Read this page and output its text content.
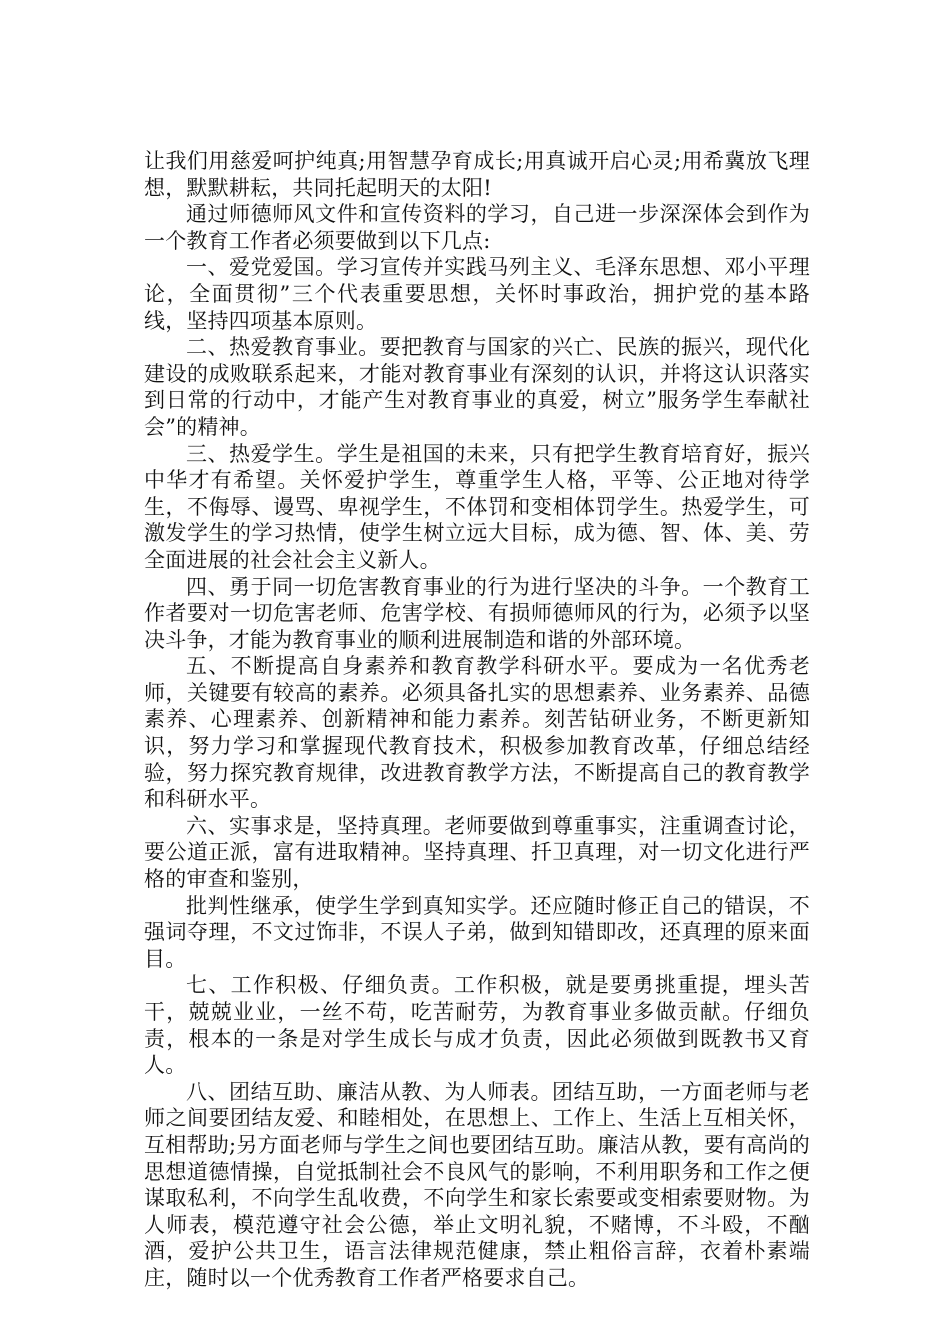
让我们用慈爱呵护纯真;用智慧孕育成长;用真诚开启心灵;用希冀放飞理想，默默耕耘，共同托起明天的太阳!

通过师德师风文件和宣传资料的学习，自己进一步深深体会到作为一个教育工作者必须要做到以下几点:

一、爱党爱国。学习宣传并实践马列主义、毛泽东思想、邓小平理论，全面贯彻”三个代表重要思想，关怀时事政治，拥护党的基本路线，坚持四项基本原则。

二、热爱教育事业。要把教育与国家的兴亡、民族的振兴，现代化建设的成败联系起来，才能对教育事业有深刻的认识，并将这认识落实到日常的行动中，才能产生对教育事业的真爱，树立”服务学生奉献社会”的精神。

三、热爱学生。学生是祖国的未来，只有把学生教育培育好，振兴中华才有希望。关怀爱护学生，尊重学生人格，平等、公正地对待学生，不侮辱、谩骂、卑视学生，不体罚和变相体罚学生。热爱学生，可激发学生的学习热情，使学生树立远大目标，成为德、智、体、美、劳全面进展的社会社会主义新人。

四、勇于同一切危害教育事业的行为进行坚决的斗争。一个教育工作者要对一切危害老师、危害学校、有损师德师风的行为，必须予以坚决斗争，才能为教育事业的顺利进展制造和谐的外部环境。

五、不断提高自身素养和教育教学科研水平。要成为一名优秀老师，关键要有较高的素养。必须具备扎实的思想素养、业务素养、品德素养、心理素养、创新精神和能力素养。刻苦钻研业务，不断更新知识，努力学习和掌握现代教育技术，积极参加教育改革，仔细总结经验，努力探究教育规律，改进教育教学方法，不断提高自己的教育教学和科研水平。

六、实事求是，坚持真理。老师要做到尊重事实，注重调查讨论，要公道正派，富有进取精神。坚持真理、扦卫真理，对一切文化进行严格的审查和鉴别，

批判性继承，使学生学到真知实学。还应随时修正自己的错误，不强词夺理，不文过饰非，不误人子弟，做到知错即改，还真理的原来面目。

七、工作积极、仔细负责。工作积极，就是要勇挑重提，埋头苦干，兢兢业业，一丝不苟，吃苦耐劳，为教育事业多做贡献。仔细负责，根本的一条是对学生成长与成才负责，因此必须做到既教书又育人。

八、团结互助、廉洁从教、为人师表。团结互助，一方面老师与老师之间要团结友爱、和睦相处，在思想上、工作上、生活上互相关怀，互相帮助;另方面老师与学生之间也要团结互助。廉洁从教，要有高尚的思想道德情操，自觉抵制社会不良风气的影响，不利用职务和工作之便谋取私利，不向学生乱收费，不向学生和家长索要或变相索要财物。为人师表，模范遵守社会公德，举止文明礼貌，不赌博，不斗殴，不酗酒，爱护公共卫生，语言法律规范健康，禁止粗俗言辞，衣着朴素端庄，随时以一个优秀教育工作者严格要求自己。
